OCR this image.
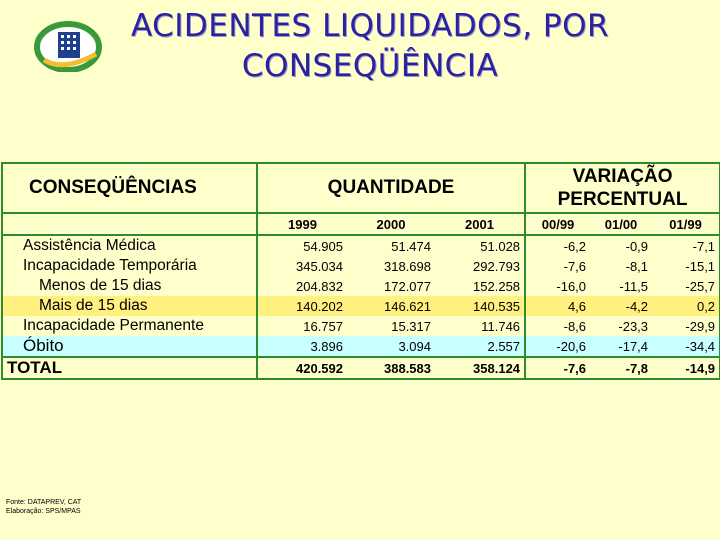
ACIDENTES LIQUIDADOS, POR
CONSEQÜÊNCIA
CONSEQÜÊNCIAS	QUANTIDADE			VARIAÇÃO
PERCENTUAL		

	1999	2000	2001	00/99	01/00	01/99
Assistência Médica	54.905	51.474	51.028	-6,2	-0,9	-7,1
Incapacidade Temporária	345.034	318.698	292.793	-7,6	-8,1	-15,1
Menos de 15 dias	204.832	172.077	152.258	-16,0	-11,5	-25,7
Mais de 15 dias	140.202	146.621	140.535	4,6	-4,2	0,2
Incapacidade Permanente	16.757	15.317	11.746	-8,6	-23,3	-29,9
Óbito	3.896	3.094	2.557	-20,6	-17,4	-34,4
TOTAL	420.592	388.583	358.124	-7,6	-7,8	-14,9
Fonte: DATAPREV, CAT
Elaboração: SPS/MPAS
